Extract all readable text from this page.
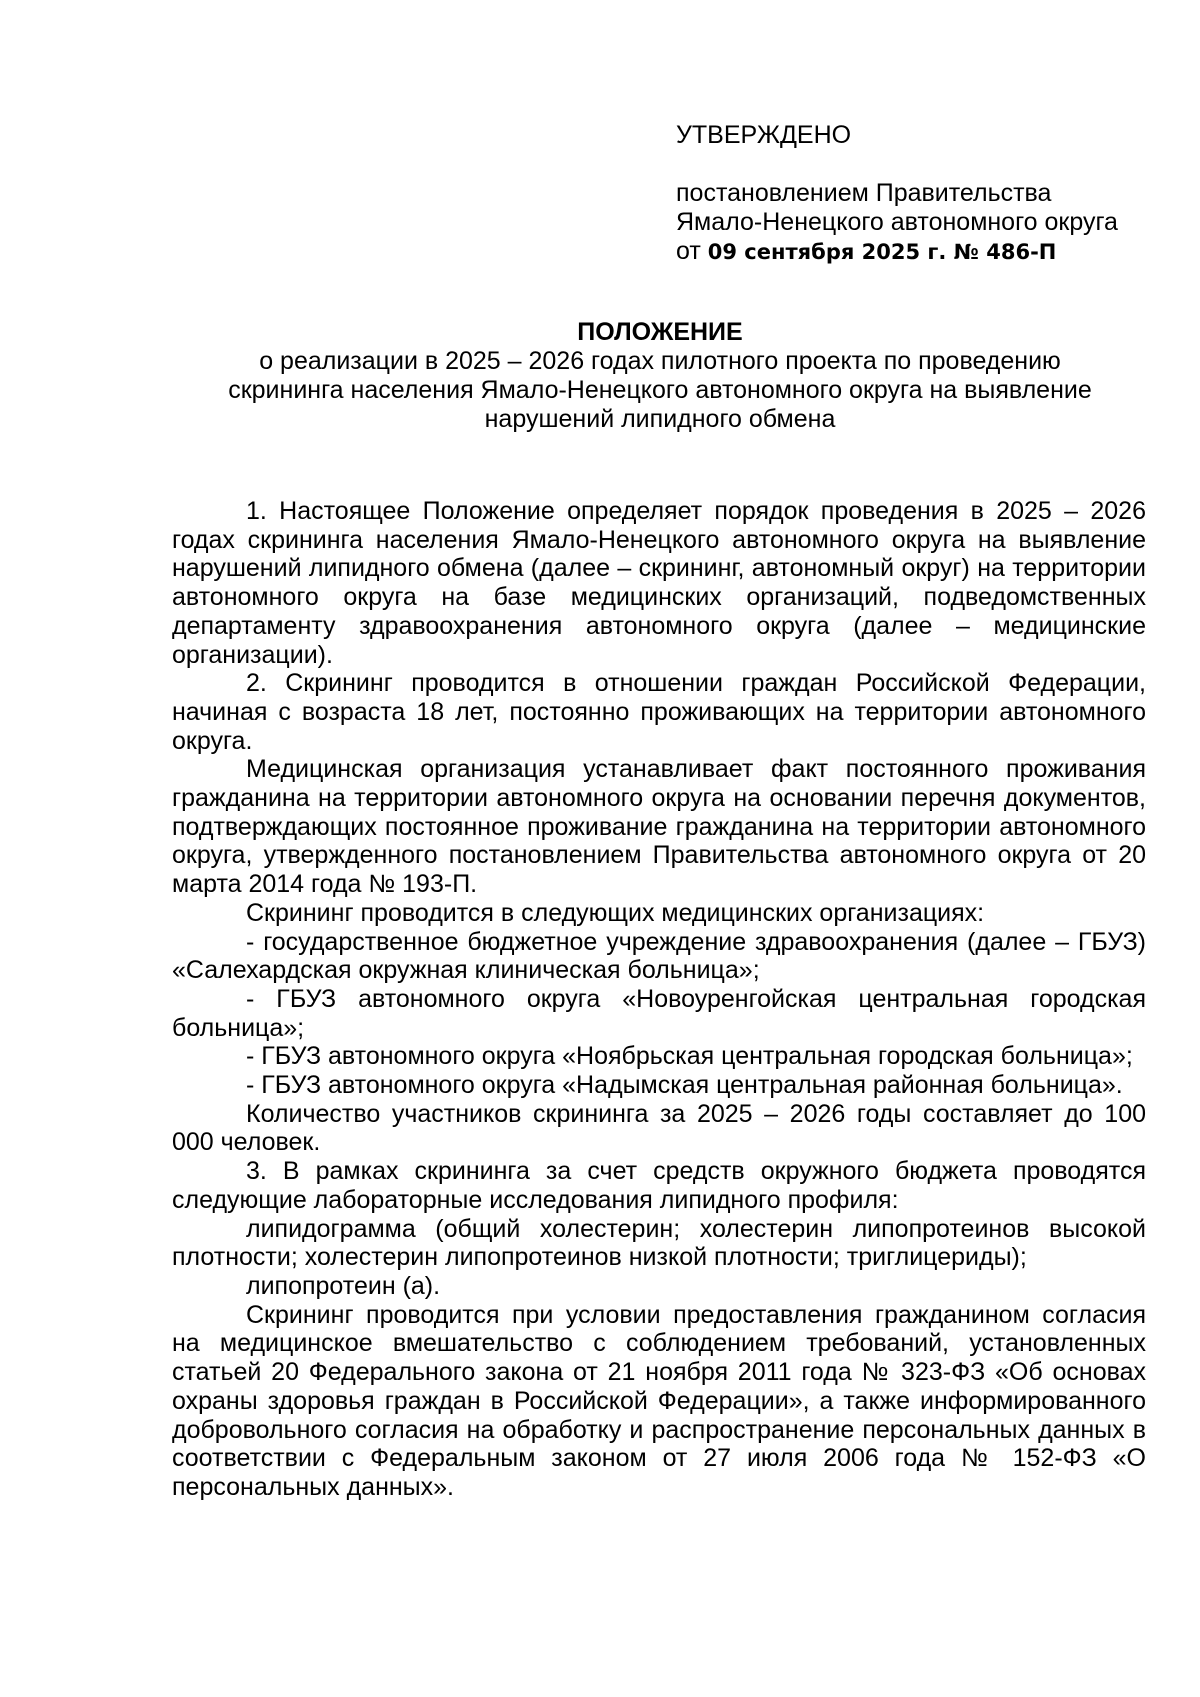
УТВЕРЖДЕНО
постановлением Правительства
Ямало-Ненецкого автономного округа
от 09 сентября 2025 г. № 486-П
ПОЛОЖЕНИЕ
о реализации в 2025 – 2026 годах пилотного проекта по проведению
скрининга населения Ямало-Ненецкого автономного округа на выявление
нарушений липидного обмена

1. Настоящее Положение определяет порядок проведения в 2025 – 2026 годах скрининга населения Ямало-Ненецкого автономного округа на выявление нарушений липидного обмена (далее – скрининг, автономный округ) на территории автономного округа на базе медицинских организаций, подведомственных департаменту здравоохранения автономного округа (далее – медицинские организации).

2. Скрининг проводится в отношении граждан Российской Федерации, начиная с возраста 18 лет, постоянно проживающих на территории автономного округа.

Медицинская организация устанавливает факт постоянного проживания гражданина на территории автономного округа на основании перечня документов, подтверждающих постоянное проживание гражданина на территории автономного округа, утвержденного постановлением Правительства автономного округа от 20 марта 2014 года № 193-П.

Скрининг проводится в следующих медицинских организациях:

- государственное бюджетное учреждение здравоохранения (далее – ГБУЗ) «Салехардская окружная клиническая больница»;

- ГБУЗ автономного округа «Новоуренгойская центральная городская больница»;

- ГБУЗ автономного округа «Ноябрьская центральная городская больница»;

- ГБУЗ автономного округа «Надымская центральная районная больница».

Количество участников скрининга за 2025 – 2026 годы составляет до 100 000 человек.

3. В рамках скрининга за счет средств окружного бюджета проводятся следующие лабораторные исследования липидного профиля:

липидограмма (общий холестерин; холестерин липопротеинов высокой плотности; холестерин липопротеинов низкой плотности; триглицериды);

липопротеин (a).

Скрининг проводится при условии предоставления гражданином согласия на медицинское вмешательство с соблюдением требований, установленных статьей 20 Федерального закона от 21 ноября 2011 года № 323-ФЗ «Об основах охраны здоровья граждан в Российской Федерации», а также информированного добровольного согласия на обработку и распространение персональных данных в соответствии с Федеральным законом от 27 июля 2006 года № 152-ФЗ «О персональных данных».
